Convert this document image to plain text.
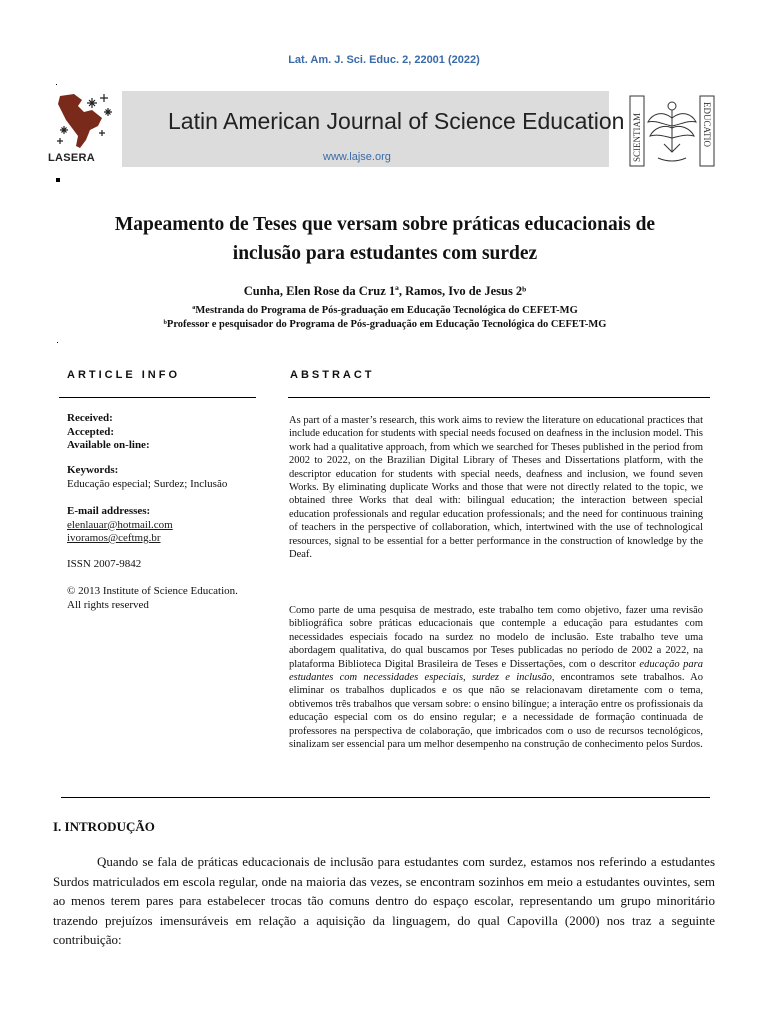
Lat. Am. J. Sci. Educ. 2, 22001 (2022)
LASERA
Latin American Journal of Science Education
www.lajse.org	SCIENTIAM	EDUCATIO
Mapeamento de Teses que versam sobre práticas educacionais de
inclusão para estudantes com surdez
Cunha, Elen Rose da Cruz 1ª, Ramos, Ivo de Jesus 2ᵇ
ªMestranda do Programa de Pós-graduação em Educação Tecnológica do CEFET-MG
ᵇProfessor e pesquisador do Programa de Pós-graduação em Educação Tecnológica do CEFET-MG
ARTICLE INFO	ABSTRACT
Received:
Accepted:
Available on-line:
Keywords:
Educação especial; Surdez; Inclusão
E-mail addresses:
elenlauar@hotmail.com
ivoramos@ceftmg.br
ISSN 2007-9842
© 2013 Institute of Science Education.
All rights reserved
As part of a master’s research, this work aims to review the literature on educational practices that include education for students with special needs focused on deafness in the inclusion model. This work had a qualitative approach, from which we searched for Theses published in the period from 2002 to 2022, on the Brazilian Digital Library of Theses and Dissertations platform, with the descriptor education for students with special needs, deafness and inclusion, we found seven Works. By eliminating duplicate Works and those that were not directly related to the topic, we obtained three Works that deal with: bilingual education; the interaction between special education professionals and regular education professionals; and the need for continuous training of teachers in the perspective of collaboration, which, intertwined with the use of technological resources, signal to be essential for a better performance in the construction of knowledge by the Deaf.
Como parte de uma pesquisa de mestrado, este trabalho tem como objetivo, fazer uma revisão bibliográfica sobre práticas educacionais que contemple a educação para estudantes com necessidades especiais focado na surdez no modelo de inclusão. Este trabalho teve uma abordagem qualitativa, do qual buscamos por Teses publicadas no período de 2002 a 2022, na plataforma Biblioteca Digital Brasileira de Teses e Dissertações, com o descritor educação para estudantes com necessidades especiais, surdez e inclusão, encontramos sete trabalhos. Ao eliminar os trabalhos duplicados e os que não se relacionavam diretamente com o tema, obtivemos três trabalhos que versam sobre: o ensino bilíngue; a interação entre os profissionais da educação especial com os do ensino regular; e a necessidade de formação continuada de professores na perspectiva de colaboração, que imbricados com o uso de recursos tecnológicos, sinalizam ser essencial para um melhor desempenho na construção de conhecimento pelos Surdos.
I. INTRODUÇÃO
Quando se fala de práticas educacionais de inclusão para estudantes com surdez, estamos nos referindo a estudantes Surdos matriculados em escola regular, onde na maioria das vezes, se encontram sozinhos em meio a estudantes ouvintes, sem ao menos terem pares para estabelecer trocas tão comuns dentro do espaço escolar, representando um grupo minoritário trazendo prejuízos imensuráveis em relação a aquisição da linguagem, do qual Capovilla (2000) nos traz a seguinte contribuição:
